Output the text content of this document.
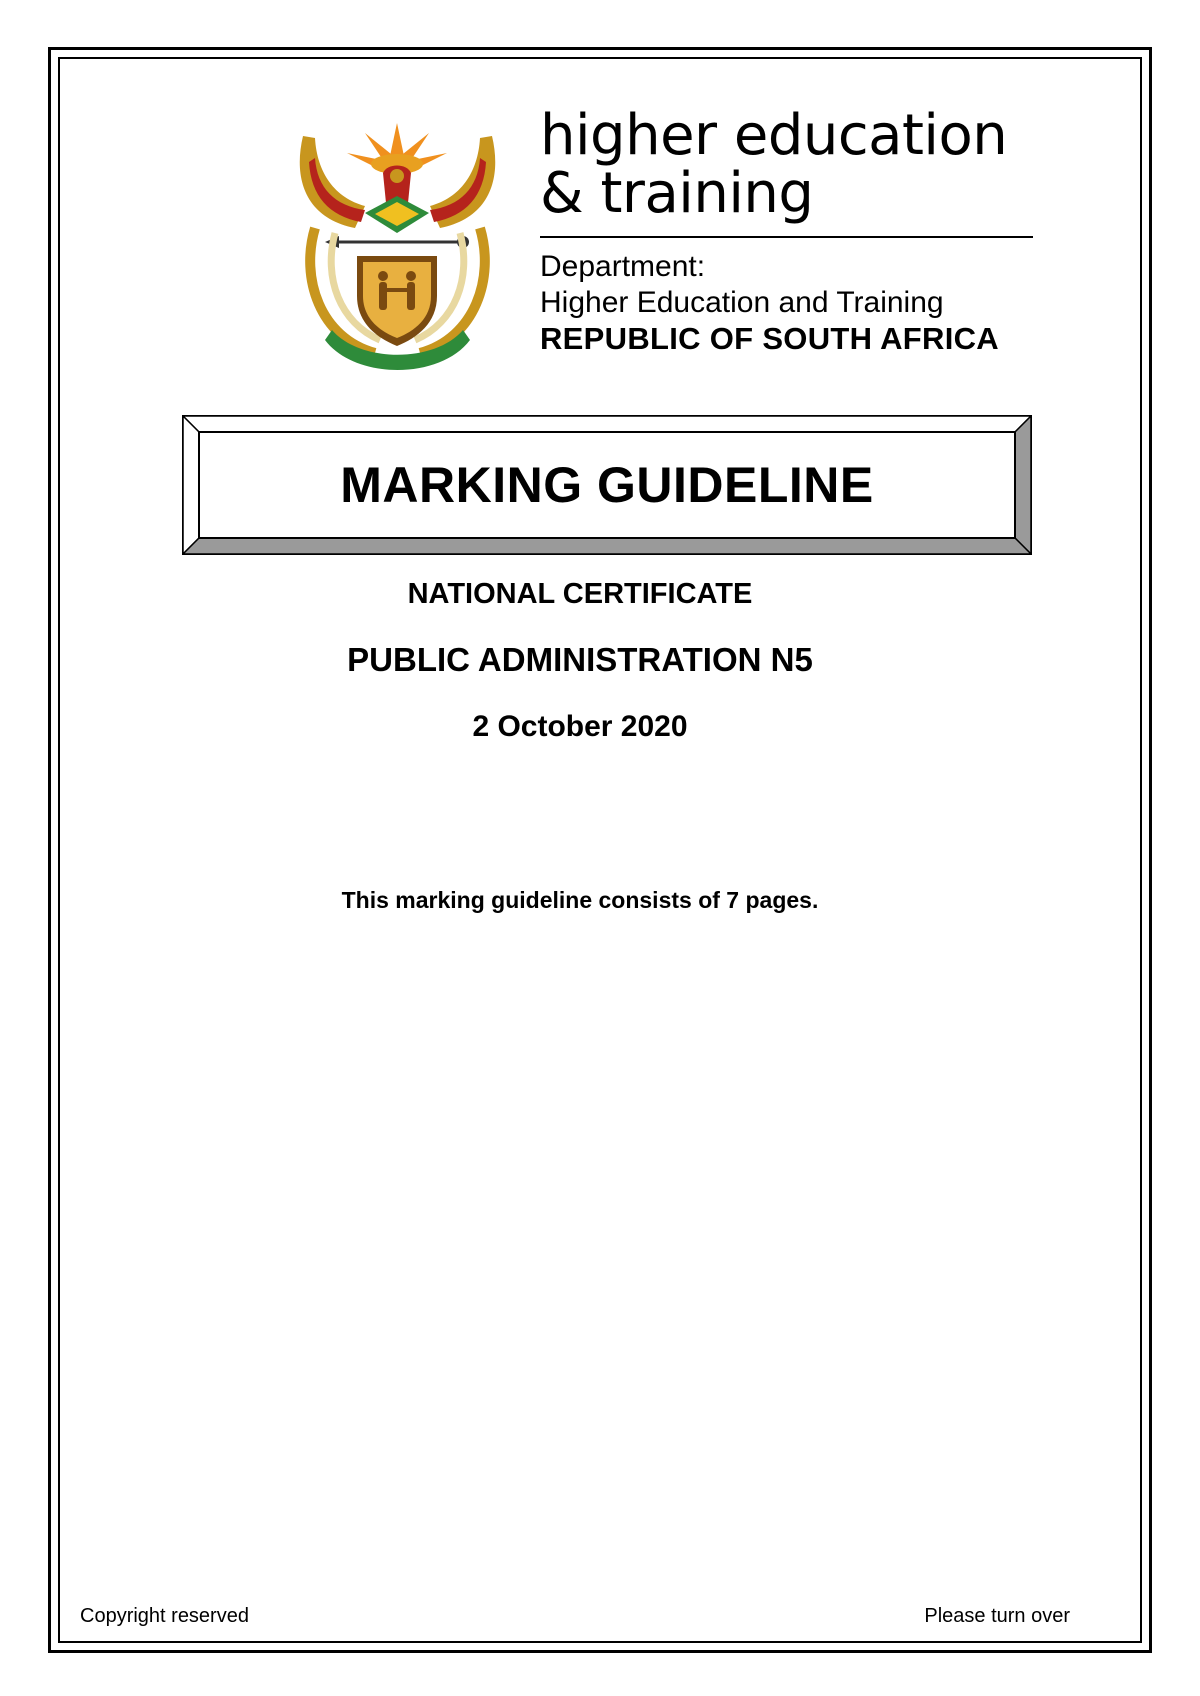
higher education
& training
Department:
Higher Education and Training
REPUBLIC OF SOUTH AFRICA
MARKING GUIDELINE
NATIONAL CERTIFICATE
PUBLIC ADMINISTRATION N5
2 October 2020
This marking guideline consists of 7 pages.
Copyright reserved	Please turn over
